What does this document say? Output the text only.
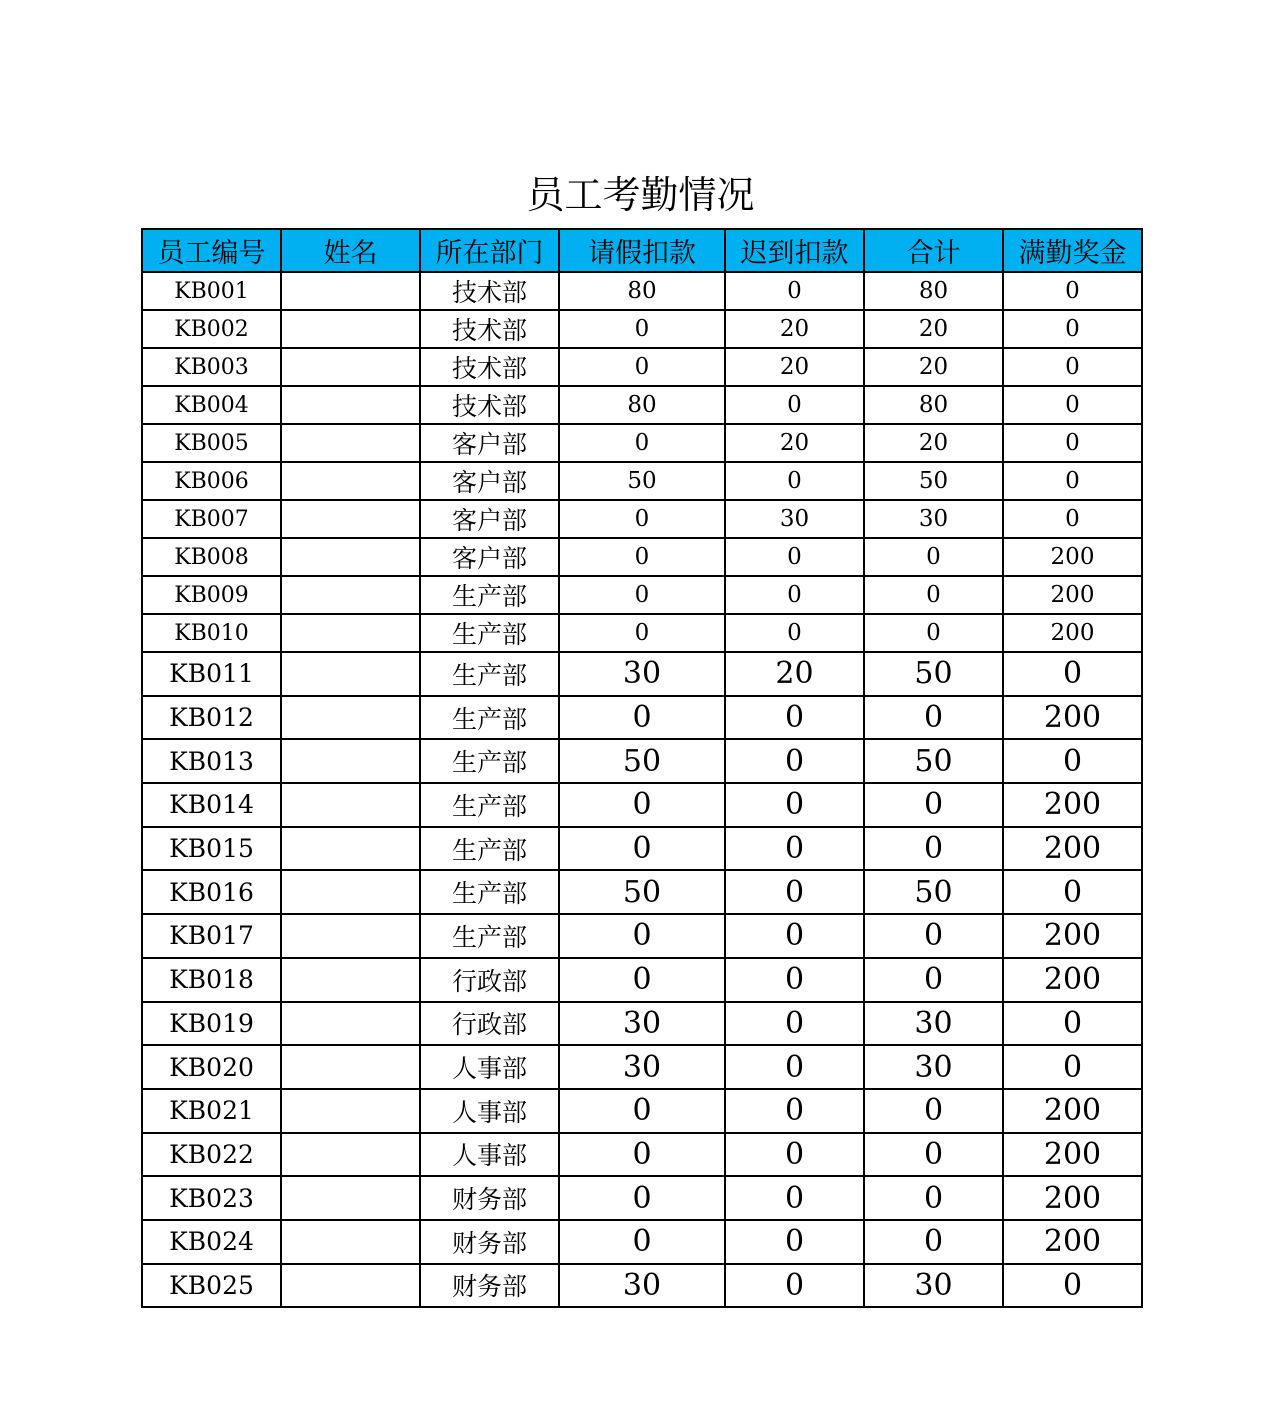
员工考勤情况
员工编号	姓名	所在部门	请假扣款	迟到扣款	合计	满勤奖金
KB001		技术部	80	0	80	0
KB002		技术部	0	20	20	0
KB003		技术部	0	20	20	0
KB004		技术部	80	0	80	0
KB005		客户部	0	20	20	0
KB006		客户部	50	0	50	0
KB007		客户部	0	30	30	0
KB008		客户部	0	0	0	200
KB009		生产部	0	0	0	200
KB010		生产部	0	0	0	200
KB011		生产部	30	20	50	0
KB012		生产部	0	0	0	200
KB013		生产部	50	0	50	0
KB014		生产部	0	0	0	200
KB015		生产部	0	0	0	200
KB016		生产部	50	0	50	0
KB017		生产部	0	0	0	200
KB018		行政部	0	0	0	200
KB019		行政部	30	0	30	0
KB020		人事部	30	0	30	0
KB021		人事部	0	0	0	200
KB022		人事部	0	0	0	200
KB023		财务部	0	0	0	200
KB024		财务部	0	0	0	200
KB025		财务部	30	0	30	0
